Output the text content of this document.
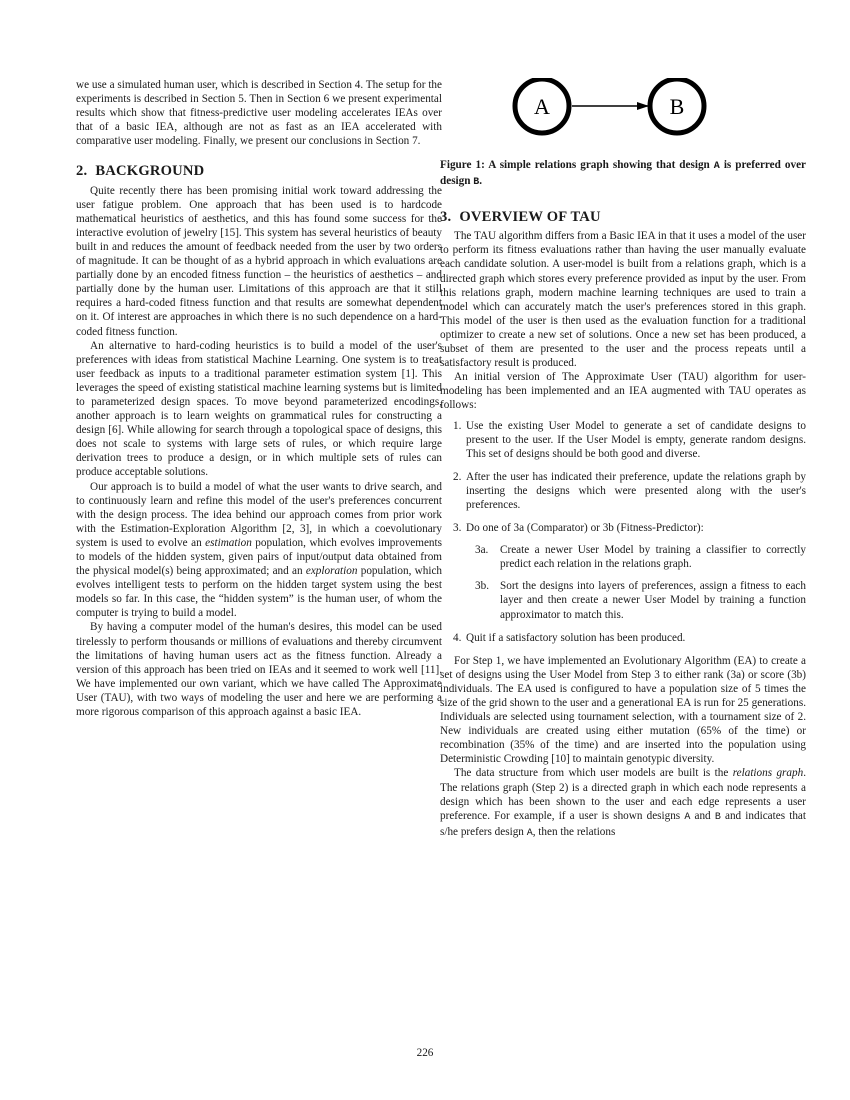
we use a simulated human user, which is described in Section 4. The setup for the experiments is described in Section 5. Then in Section 6 we present experimental results which show that fitness-predictive user modeling accelerates IEAs over that of a basic IEA, although are not as fast as an IEA accelerated with comparative user modeling. Finally, we present our conclusions in Section 7.

2. BACKGROUND

Quite recently there has been promising initial work toward addressing the user fatigue problem. One approach that has been used is to hardcode mathematical heuristics of aesthetics, and this has found some success for the interactive evolution of jewelry [15]. This system has several heuristics of beauty built in and reduces the amount of feedback needed from the user by two orders of magnitude. It can be thought of as a hybrid approach in which evaluations are partially done by an encoded fitness function – the heuristics of aesthetics – and partially done by the human user. Limitations of this approach are that it still requires a hard-coded fitness function and that results are somewhat dependent on it. Of interest are approaches in which there is no such dependence on a hard-coded fitness function.

An alternative to hard-coding heuristics is to build a model of the user's preferences with ideas from statistical Machine Learning. One system is to treat user feedback as inputs to a traditional parameter estimation system [1]. This leverages the speed of existing statistical machine learning systems but is limited to parameterized design spaces. To move beyond parameterized encodings, another approach is to learn weights on grammatical rules for constructing a design [6]. While allowing for search through a topological space of designs, this does not scale to systems with large sets of rules, or which require large derivation trees to produce a design, or in which multiple sets of rules can produce acceptable solutions.

Our approach is to build a model of what the user wants to drive search, and to continuously learn and refine this model of the user's preferences concurrent with the design process. The idea behind our approach comes from prior work with the Estimation-Exploration Algorithm [2, 3], in which a coevolutionary system is used to evolve an estimation population, which evolves improvements to models of the hidden system, given pairs of input/output data obtained from the physical model(s) being approximated; and an exploration population, which evolves intelligent tests to perform on the hidden target system using the best models so far. In this case, the “hidden system” is the human user, of whom the computer is trying to build a model.

By having a computer model of the human's desires, this model can be used tirelessly to perform thousands or millions of evaluations and thereby circumvent the limitations of having human users act as the fitness function. Already a version of this approach has been tried on IEAs and it seemed to work well [11]. We have implemented our own variant, which we have called The Approximate User (TAU), with two ways of modeling the user and here we are performing a more rigorous comparison of this approach against a basic IEA.

A	B

Figure 1: A simple relations graph showing that design A is preferred over design B.

3. OVERVIEW OF TAU

The TAU algorithm differs from a Basic IEA in that it uses a model of the user to perform its fitness evaluations rather than having the user manually evaluate each candidate solution. A user-model is built from a relations graph, which is a directed graph which stores every preference provided as input by the user. From this relations graph, modern machine learning techniques are used to train a model which can accurately match the user's preferences stored in this graph. This model of the user is then used as the evaluation function for a traditional optimizer to create a new set of solutions. Once a new set has been produced, a subset of them are presented to the user and the process repeats until a satisfactory result is produced.

An initial version of The Approximate User (TAU) algorithm for user-modeling has been implemented and an IEA augmented with TAU operates as follows:

1. Use the existing User Model to generate a set of candidate designs to present to the user. If the User Model is empty, generate random designs. This set of designs should be both good and diverse.
2. After the user has indicated their preference, update the relations graph by inserting the designs which were presented along with the user's preferences.
3. Do one of 3a (Comparator) or 3b (Fitness-Predictor):
3a. Create a newer User Model by training a classifier to correctly predict each relation in the relations graph.
3b. Sort the designs into layers of preferences, assign a fitness to each layer and then create a newer User Model by training a function approximator to match this.
4. Quit if a satisfactory solution has been produced.

For Step 1, we have implemented an Evolutionary Algorithm (EA) to create a set of designs using the User Model from Step 3 to either rank (3a) or score (3b) individuals. The EA used is configured to have a population size of 5 times the size of the grid shown to the user and a generational EA is run for 25 generations. Individuals are selected using tournament selection, with a tournament size of 2. New individuals are created using either mutation (65% of the time) or recombination (35% of the time) and are inserted into the population using Deterministic Crowding [10] to maintain genotypic diversity.

The data structure from which user models are built is the relations graph. The relations graph (Step 2) is a directed graph in which each node represents a design which has been shown to the user and each edge represents a user preference. For example, if a user is shown designs A and B and indicates that s/he prefers design A, then the relations

226
